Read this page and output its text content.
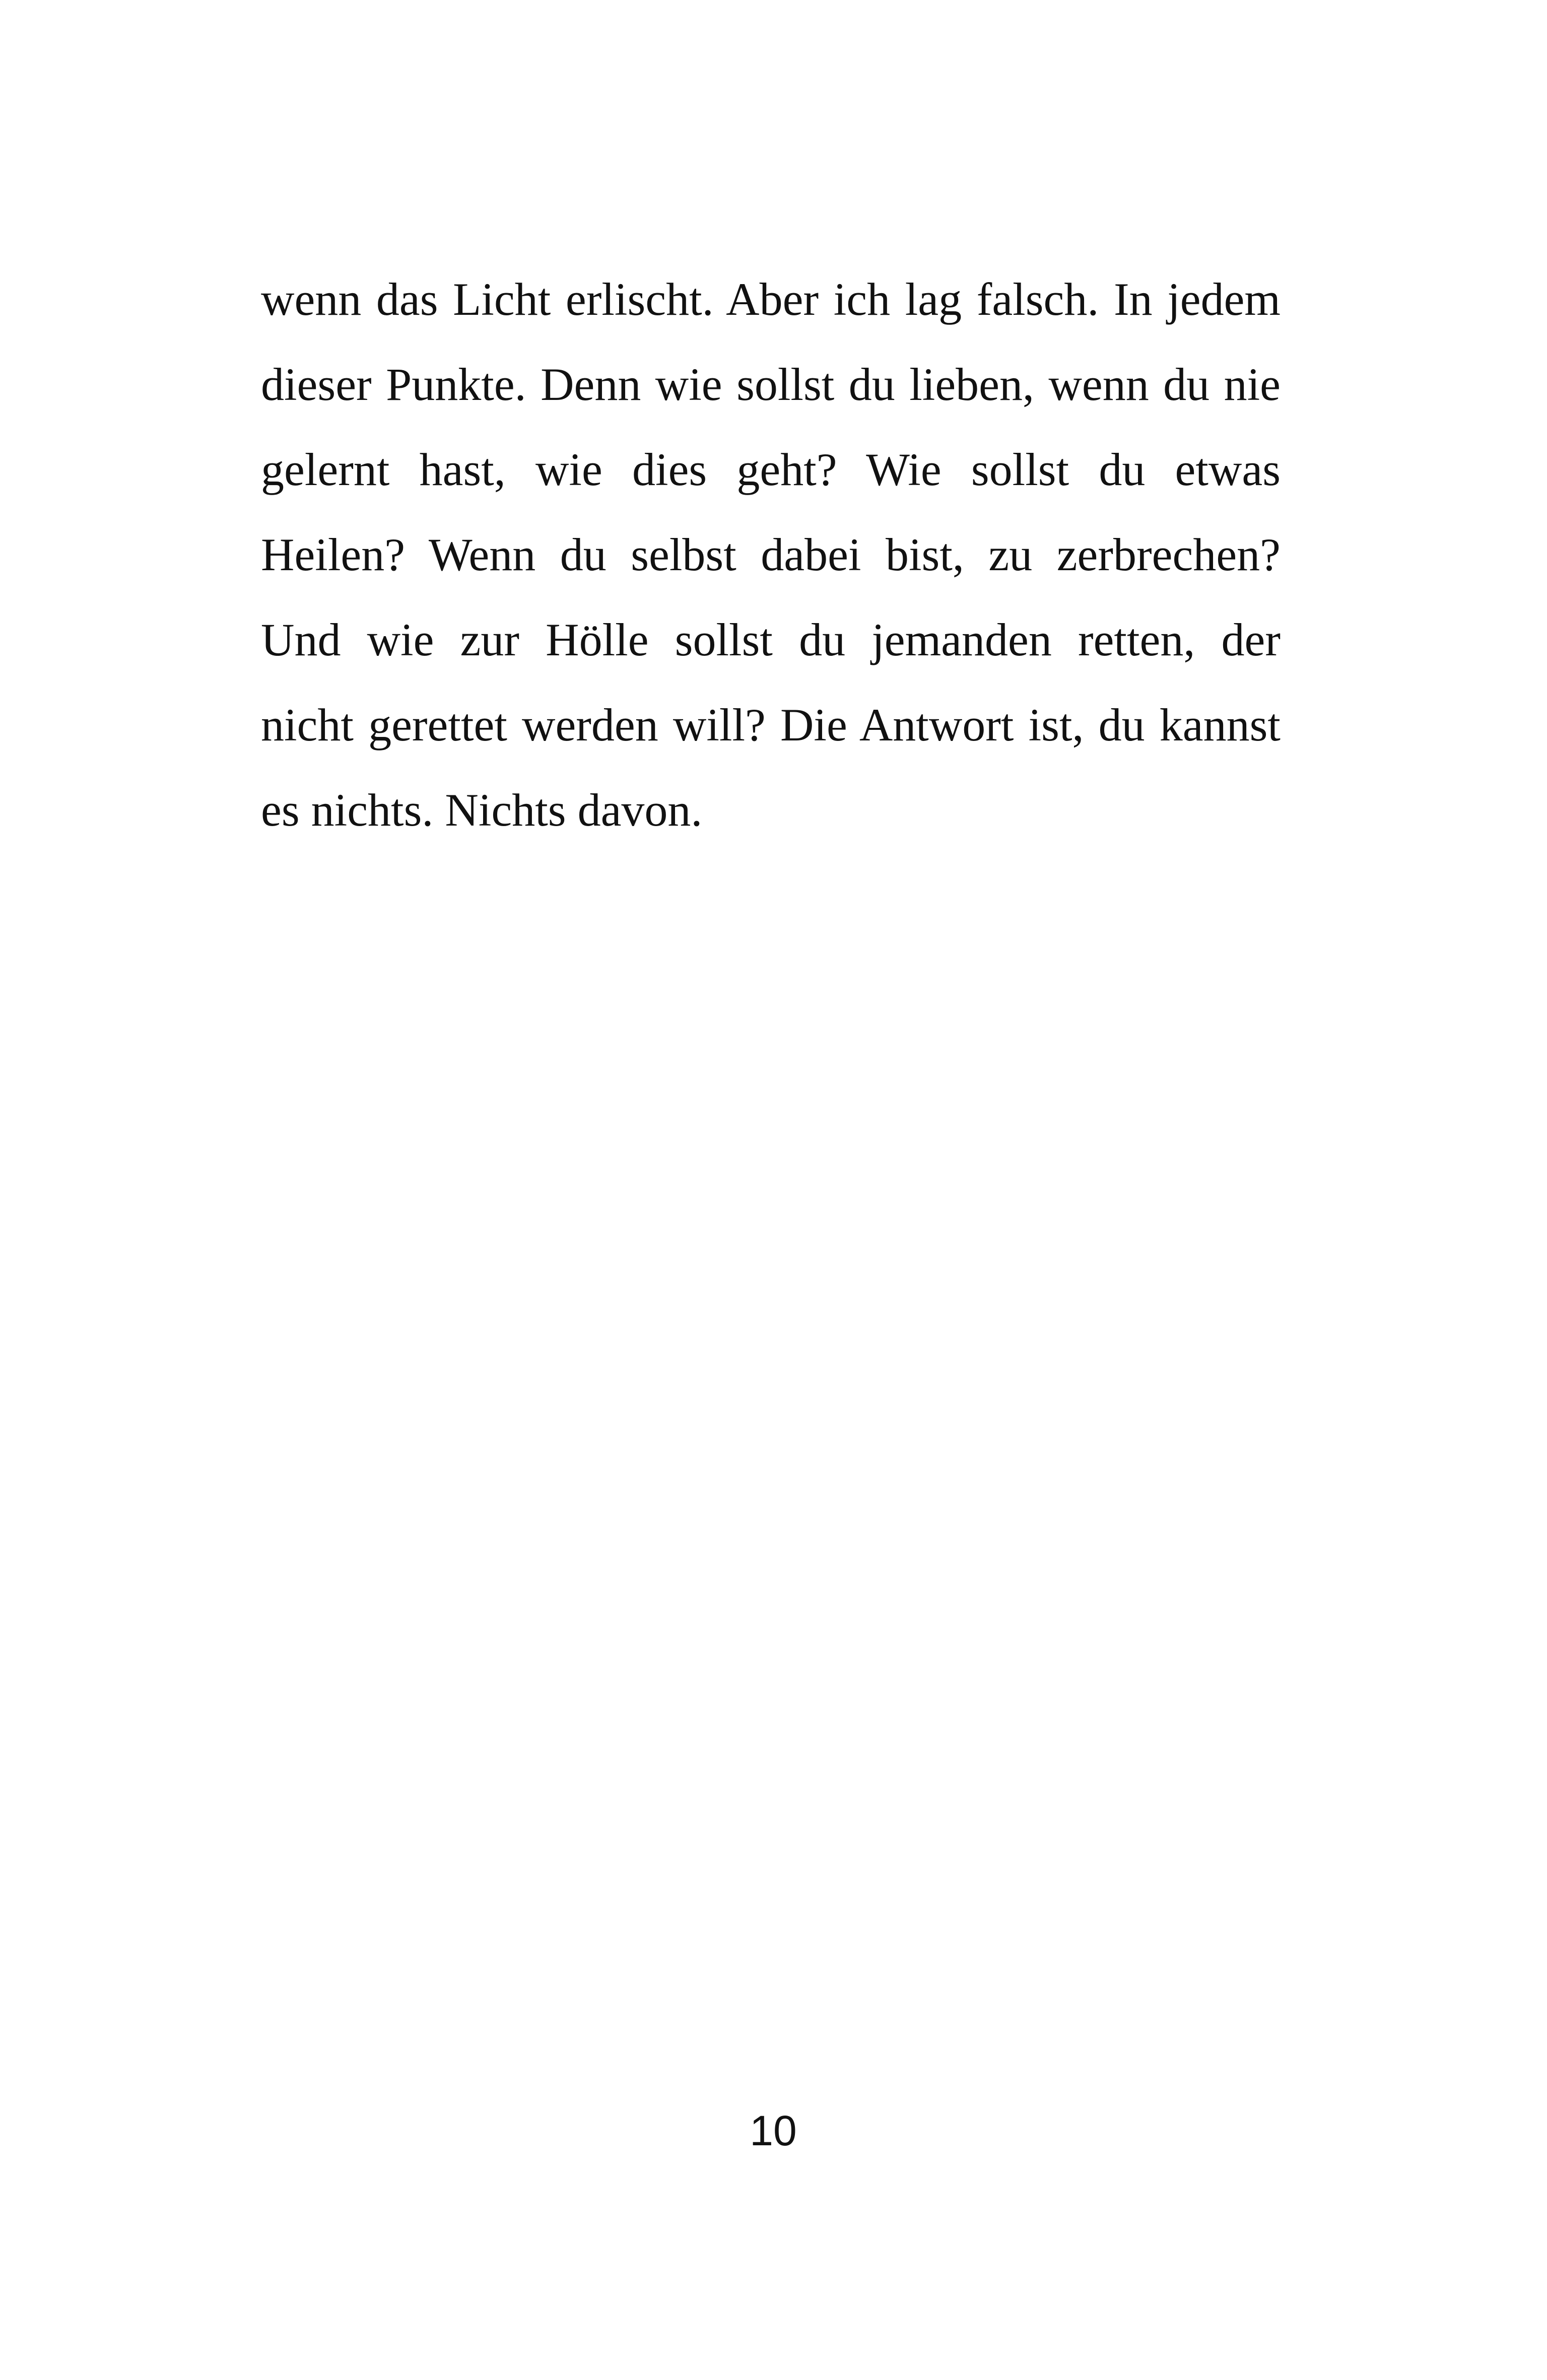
wenn das Licht erlischt. Aber ich lag falsch. In jedem
dieser Punkte. Denn wie sollst du lieben, wenn du nie
gelernt hast, wie dies geht? Wie sollst du etwas
Heilen? Wenn du selbst dabei bist, zu zerbrechen?
Und wie zur Hölle sollst du jemanden retten, der
nicht gerettet werden will? Die Antwort ist, du kannst
es nichts. Nichts davon.
10
